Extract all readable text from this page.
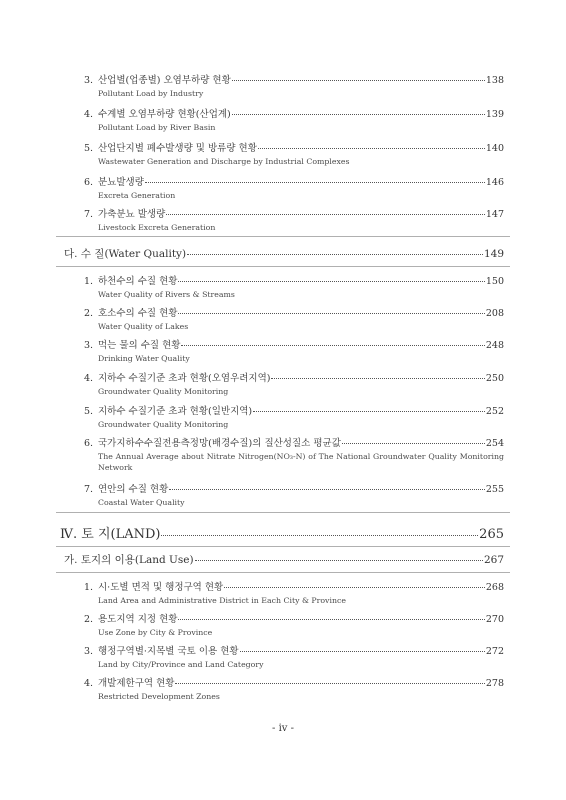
3. 산업별(업종별) 오염부하량 현황	138
Pollutant Load by Industry
4. 수계별 오염부하량 현황(산업계)	139
Pollutant Load by River Basin
5. 산업단지별 폐수발생량 및 방류량 현황	140
Wastewater Generation and Discharge by Industrial Complexes
6. 분뇨발생량	146
Excreta Generation
7. 가축분뇨 발생량	147
Livestock Excreta Generation
다. 수 질(Water Quality)	149
1. 하천수의 수질 현황	150
Water Quality of Rivers & Streams
2. 호소수의 수질 현황	208
Water Quality of Lakes
3. 먹는 물의 수질 현황	248
Drinking Water Quality
4. 지하수 수질기준 초과 현황(오염우려지역)	250
Groundwater Quality Monitoring
5. 지하수 수질기준 초과 현황(일반지역)	252
Groundwater Quality Monitoring
6. 국가지하수수질전용측정망(배경수질)의 질산성질소 평균값	254
The Annual Average about Nitrate Nitrogen(NO₃-N) of The National Groundwater Quality Monitoring Network
7. 연안의 수질 현황	255
Coastal Water Quality
Ⅳ. 토 지(LAND)	265
가. 토지의 이용(Land Use)	267
1. 시·도별 면적 및 행정구역 현황	268
Land Area and Administrative District in Each City & Province
2. 용도지역 지정 현황	270
Use Zone by City & Province
3. 행정구역별·지목별 국토 이용 현황	272
Land by City/Province and Land Category
4. 개발제한구역 현황	278
Restricted Development Zones
- iv -
